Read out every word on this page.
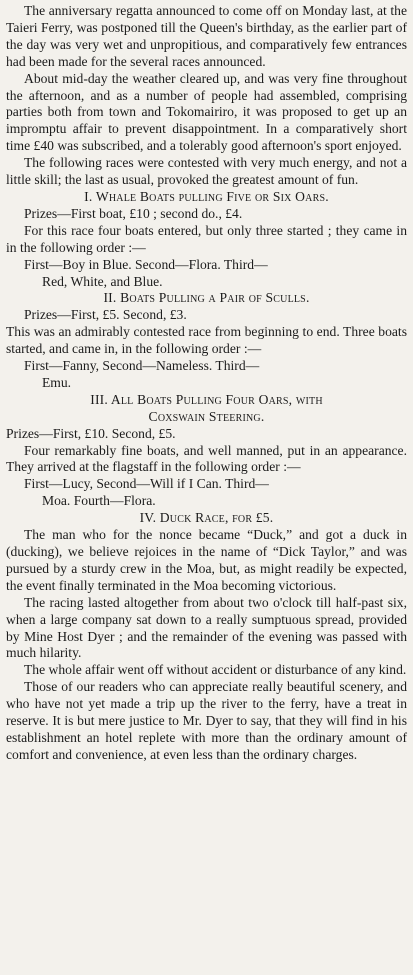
The anniversary regatta announced to come off on Monday last, at the Taieri Ferry, was postponed till the Queen's birthday, as the earlier part of the day was very wet and unpropitious, and comparatively few entrances had been made for the several races announced.

About mid-day the weather cleared up, and was very fine throughout the afternoon, and as a number of people had assembled, comprising parties both from town and Tokomairiro, it was proposed to get up an impromptu affair to prevent disappointment. In a comparatively short time £40 was subscribed, and a tolerably good afternoon's sport enjoyed.

The following races were contested with very much energy, and not a little skill; the last as usual, provoked the greatest amount of fun.

I. Whale Boats pulling Five or Six Oars.

Prizes—First boat, £10 ; second do., £4.

For this race four boats entered, but only three started ; they came in in the following order :—

First—Boy in Blue. Second—Flora. Third—
Red, White, and Blue.

II. Boats Pulling a Pair of Sculls.

Prizes—First, £5. Second, £3.

This was an admirably contested race from beginning to end. Three boats started, and came in, in the following order :—

First—Fanny, Second—Nameless. Third—
Emu.

III. All Boats Pulling Four Oars, with

Coxswain Steering.

Prizes—First, £10. Second, £5.

Four remarkably fine boats, and well manned, put in an appearance. They arrived at the flagstaff in the following order :—

First—Lucy, Second—Will if I Can. Third—
Moa. Fourth—Flora.

IV. Duck Race, for £5.

The man who for the nonce became “Duck,” and got a duck in (ducking), we believe rejoices in the name of “Dick Taylor,” and was pursued by a sturdy crew in the Moa, but, as might readily be expected, the event finally terminated in the Moa becoming victorious.

The racing lasted altogether from about two o'clock till half-past six, when a large company sat down to a really sumptuous spread, provided by Mine Host Dyer ; and the remainder of the evening was passed with much hilarity.

The whole affair went off without accident or disturbance of any kind.

Those of our readers who can appreciate really beautiful scenery, and who have not yet made a trip up the river to the ferry, have a treat in reserve. It is but mere justice to Mr. Dyer to say, that they will find in his establishment an hotel replete with more than the ordinary amount of comfort and convenience, at even less than the ordinary charges.
